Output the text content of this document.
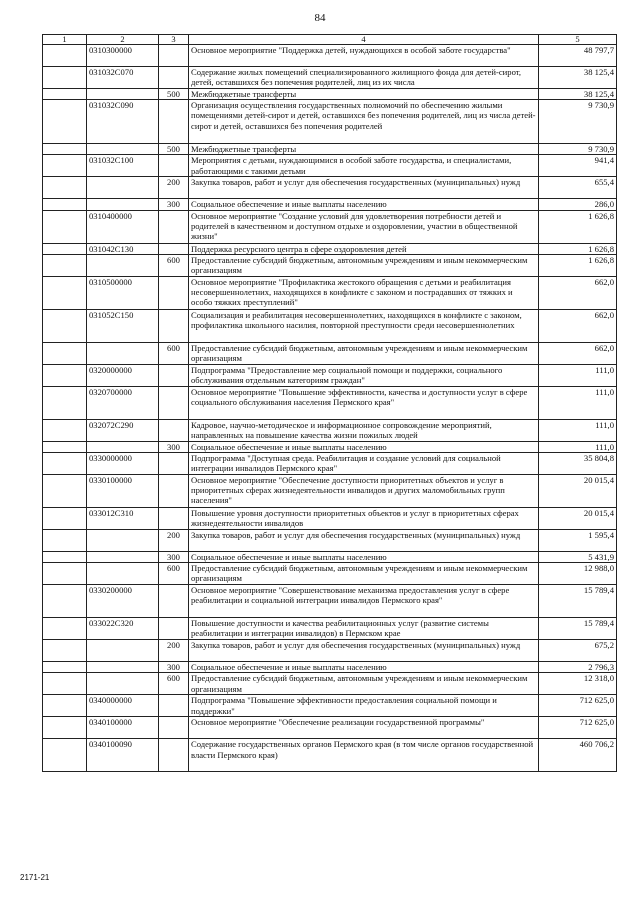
84
1	2	3	4	5
	0310300000		Основное мероприятие "Поддержка детей, нуждающихся в особой заботе государства"	48 797,7
	031032С070		Содержание жилых помещений специализированного жилищного фонда для детей-сирот, детей, оставшихся без попечения родителей, лиц из их числа	38 125,4
		500	Межбюджетные трансферты	38 125,4
	031032С090		Организация осуществления государственных полномочий по обеспечению жилыми помещениями детей-сирот и детей, оставшихся без попечения родителей, лиц из числа детей-сирот и детей, оставшихся без попечения родителей	9 730,9
		500	Межбюджетные трансферты	9 730,9
	031032С100		Мероприятия с детьми, нуждающимися в особой заботе государства, и специалистами, работающими с такими детьми	941,4
		200	Закупка товаров, работ и услуг для обеспечения государственных (муниципальных) нужд	655,4
		300	Социальное обеспечение и иные выплаты населению	286,0
	0310400000		Основное мероприятие "Создание условий для удовлетворения потребности детей и родителей в качественном и доступном отдыхе и оздоровлении, участии в общественной жизни"	1 626,8
	031042С130		Поддержка ресурсного центра в сфере оздоровления детей	1 626,8
		600	Предоставление субсидий бюджетным, автономным учреждениям и иным некоммерческим организациям	1 626,8
	0310500000		Основное мероприятие "Профилактика жестокого обращения с детьми и реабилитация несовершеннолетних, находящихся в конфликте с законом и пострадавших от тяжких и особо тяжких преступлений"	662,0
	031052С150		Социализация и реабилитация несовершеннолетних, находящихся в конфликте с законом, профилактика школьного насилия, повторной преступности среди несовершеннолетних	662,0
		600	Предоставление субсидий бюджетным, автономным учреждениям и иным некоммерческим организациям	662,0
	0320000000		Подпрограмма "Предоставление мер социальной помощи и поддержки, социального обслуживания отдельным категориям граждан"	111,0
	0320700000		Основное мероприятие "Повышение эффективности, качества и доступности услуг в сфере социального обслуживания населения Пермского края"	111,0
	032072С290		Кадровое, научно-методическое и информационное сопровождение мероприятий, направленных на повышение качества жизни пожилых людей	111,0
		300	Социальное обеспечение и иные выплаты населению	111,0
	0330000000		Подпрограмма "Доступная среда. Реабилитация и создание условий для социальной интеграции инвалидов Пермского края"	35 804,8
	0330100000		Основное мероприятие "Обеспечение доступности приоритетных объектов и услуг в приоритетных сферах жизнедеятельности инвалидов и других маломобильных групп населения"	20 015,4
	033012С310		Повышение уровня доступности приоритетных объектов и услуг в приоритетных сферах жизнедеятельности инвалидов	20 015,4
		200	Закупка товаров, работ и услуг для обеспечения государственных (муниципальных) нужд	1 595,4
		300	Социальное обеспечение и иные выплаты населению	5 431,9
		600	Предоставление субсидий бюджетным, автономным учреждениям и иным некоммерческим организациям	12 988,0
	0330200000		Основное мероприятие "Совершенствование механизма предоставления услуг в сфере реабилитации и социальной интеграции инвалидов Пермского края"	15 789,4
	033022С320		Повышение доступности и качества реабилитационных услуг (развитие системы реабилитации и интеграции инвалидов) в Пермском крае	15 789,4
		200	Закупка товаров, работ и услуг для обеспечения государственных (муниципальных) нужд	675,2
		300	Социальное обеспечение и иные выплаты населению	2 796,3
		600	Предоставление субсидий бюджетным, автономным учреждениям и иным некоммерческим организациям	12 318,0
	0340000000		Подпрограмма "Повышение эффективности предоставления социальной помощи и поддержки"	712 625,0
	0340100000		Основное мероприятие "Обеспечение реализации государственной программы"	712 625,0
	0340100090		Содержание государственных органов Пермского края (в том числе органов государственной власти Пермского края)	460 706,2
2171-21
